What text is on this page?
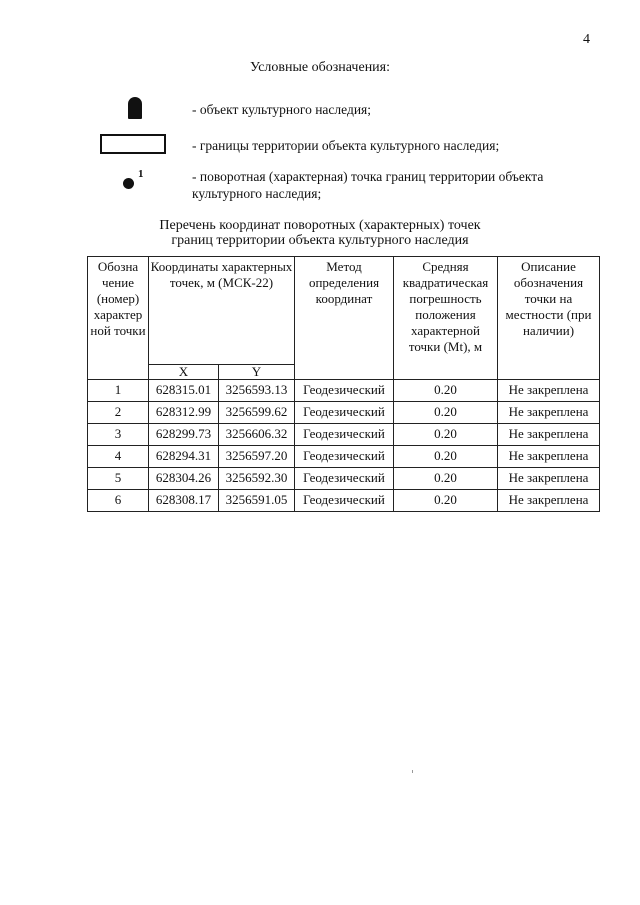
4
Условные обозначения:
- объект культурного наследия;
- границы территории объекта культурного наследия;
1	- поворотная (характерная) точка границ территории объекта культурного наследия;
Перечень координат поворотных (характерных) точек
границ территории объекта культурного наследия
Обозна чение (номер) характер ной точки	Координаты характерных точек, м (МСК-22)		Метод определения координат	Средняя квадратическая погрешность положения характерной точки (Mt), м	Описание обозначения точки на местности (при наличии)
	X	Y			
1	628315.01	3256593.13	Геодезический	0.20	Не закреплена
2	628312.99	3256599.62	Геодезический	0.20	Не закреплена
3	628299.73	3256606.32	Геодезический	0.20	Не закреплена
4	628294.31	3256597.20	Геодезический	0.20	Не закреплена
5	628304.26	3256592.30	Геодезический	0.20	Не закреплена
6	628308.17	3256591.05	Геодезический	0.20	Не закреплена
